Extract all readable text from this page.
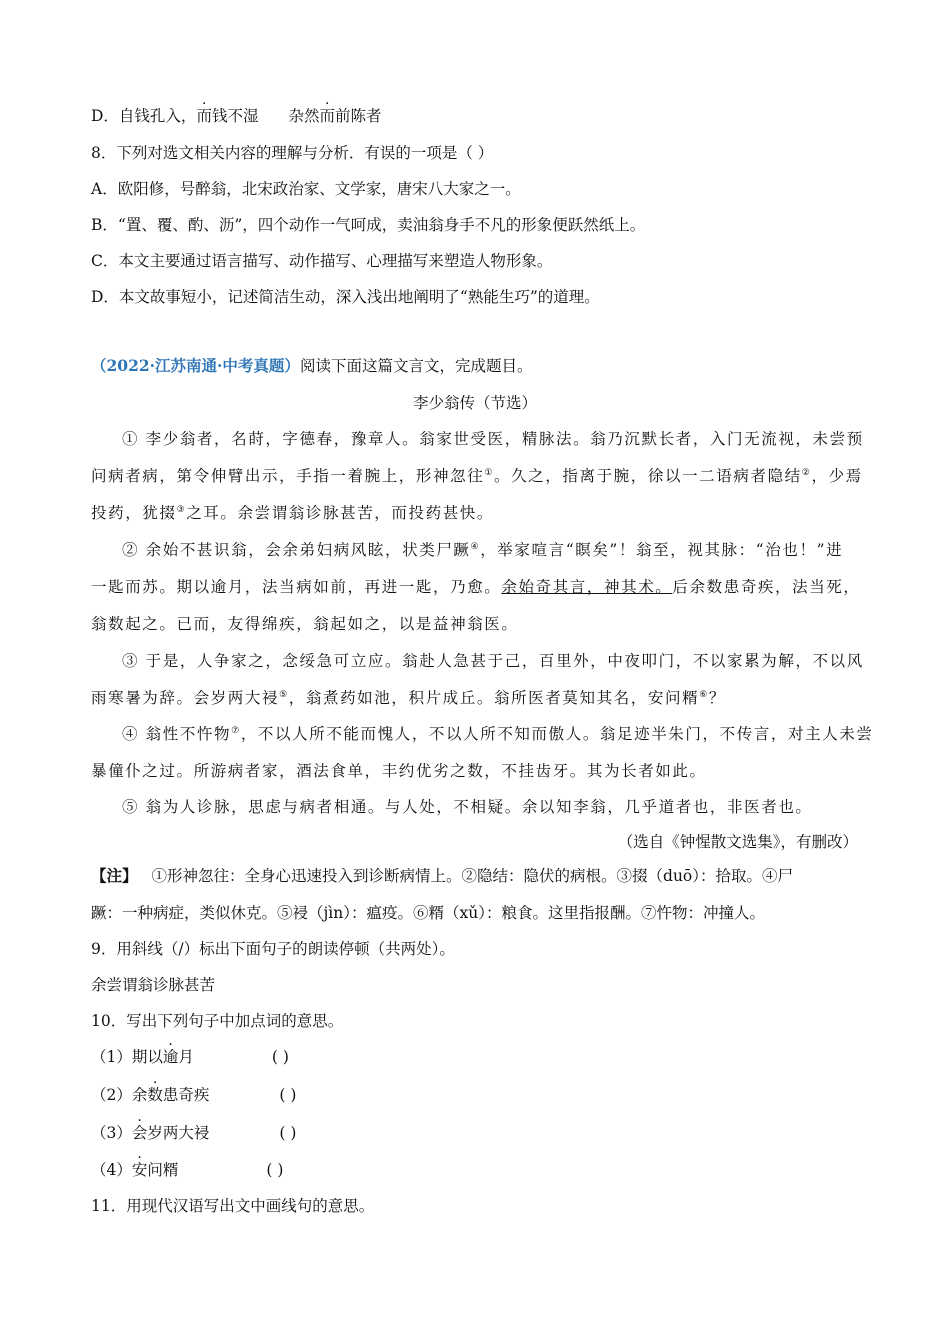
D．自钱孔入，而钱不湿 杂然而前陈者
8．下列对选文相关内容的理解与分析．有误的一项是（ ）
A．欧阳修，号醉翁，北宋政治家、文学家，唐宋八大家之一。
B．“置、覆、酌、沥”，四个动作一气呵成，卖油翁身手不凡的形象便跃然纸上。
C．本文主要通过语言描写、动作描写、心理描写来塑造人物形象。
D．本文故事短小，记述简洁生动，深入浅出地阐明了“熟能生巧”的道理。
（2022·江苏南通·中考真题）阅读下面这篇文言文，完成题目。
李少翁传（节选）
① 李少翁者，名莳，字德春，豫章人。翁家世受医，精脉法。翁乃沉默长者，入门无流视，未尝预
问病者病，第令伸臂出示，手指一着腕上，形神忽往①。久之，指离于腕，徐以一二语病者隐结②，少焉
投药，犹掇③之耳。余尝谓翁诊脉甚苦，而投药甚快。
② 余始不甚识翁，会余弟妇病风眩，状类尸蹶④，举家喧言“瞑矣”！翁至，视其脉：“治也！”进
一匙而苏。期以逾月，法当病如前，再进一匙，乃愈。余始奇其言，神其术。后余数患奇疾，法当死，
翁数起之。已而，友得绵疾，翁起如之，以是益神翁医。
③ 于是，人争家之，念绥急可立应。翁赴人急甚于己，百里外，中夜叩门，不以家累为解，不以风
雨寒暑为辞。会岁两大祲⑤，翁煮药如池，积片成丘。翁所医者莫知其名，安问糈⑥？
④ 翁性不忤物⑦，不以人所不能而愧人，不以人所不知而傲人。翁足迹半朱门，不传言，对主人未尝
暴僮仆之过。所游病者家，酒法食单，丰约优劣之数，不挂齿牙。其为长者如此。
⑤ 翁为人诊脉，思虑与病者相通。与人处，不相疑。余以知李翁，几乎道者也，非医者也。
（选自《钟惺散文选集》，有删改）
【注】 ①形神忽往：全身心迅速投入到诊断病情上。②隐结：隐伏的病根。③掇（duō）：拾取。④尸
蹶：一种病症，类似休克。⑤祲（jìn）：瘟疫。⑥糈（xǔ）：粮食。这里指报酬。⑦忤物：冲撞人。
9．用斜线（/）标出下面句子的朗读停顿（共两处）。
余尝谓翁诊脉甚苦
10．写出下列句子中加点词的意思。
（1）期以逾月	( )
（2）余数患奇疾	( )
（3）会岁两大祲	( )
（4）安问糈	( )
11．用现代汉语写出文中画线句的意思。
